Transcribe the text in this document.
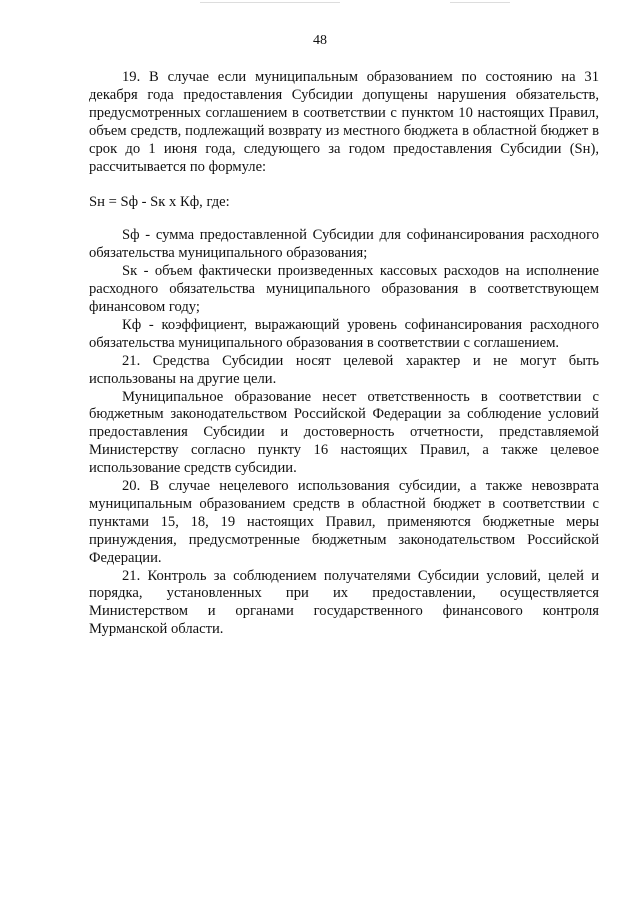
48

19. В случае если муниципальным образованием по состоянию на 31 декабря года предоставления Субсидии допущены нарушения обязательств, предусмотренных соглашением в соответствии с пунктом 10 настоящих Правил, объем средств, подлежащий возврату из местного бюджета в областной бюджет в срок до 1 июня года, следующего за годом предоставления Субсидии (Sн), рассчитывается по формуле:

Sн = Sф - Sк х Кф, где:

Sф - сумма предоставленной Субсидии для софинансирования расходного обязательства муниципального образования;

Sк - объем фактически произведенных кассовых расходов на исполнение расходного обязательства муниципального образования в соответствующем финансовом году;

Кф - коэффициент, выражающий уровень софинансирования расходного обязательства муниципального образования в соответствии с соглашением.

21. Средства Субсидии носят целевой характер и не могут быть использованы на другие цели.

Муниципальное образование несет ответственность в соответствии с бюджетным законодательством Российской Федерации за соблюдение условий предоставления Субсидии и достоверность отчетности, представляемой Министерству согласно пункту 16 настоящих Правил, а также целевое использование средств субсидии.

20. В случае нецелевого использования субсидии, а также невозврата муниципальным образованием средств в областной бюджет в соответствии с пунктами 15, 18, 19 настоящих Правил, применяются бюджетные меры принуждения, предусмотренные бюджетным законодательством Российской Федерации.

21. Контроль за соблюдением получателями Субсидии условий, целей и порядка, установленных при их предоставлении, осуществляется Министерством и органами государственного финансового контроля Мурманской области.
